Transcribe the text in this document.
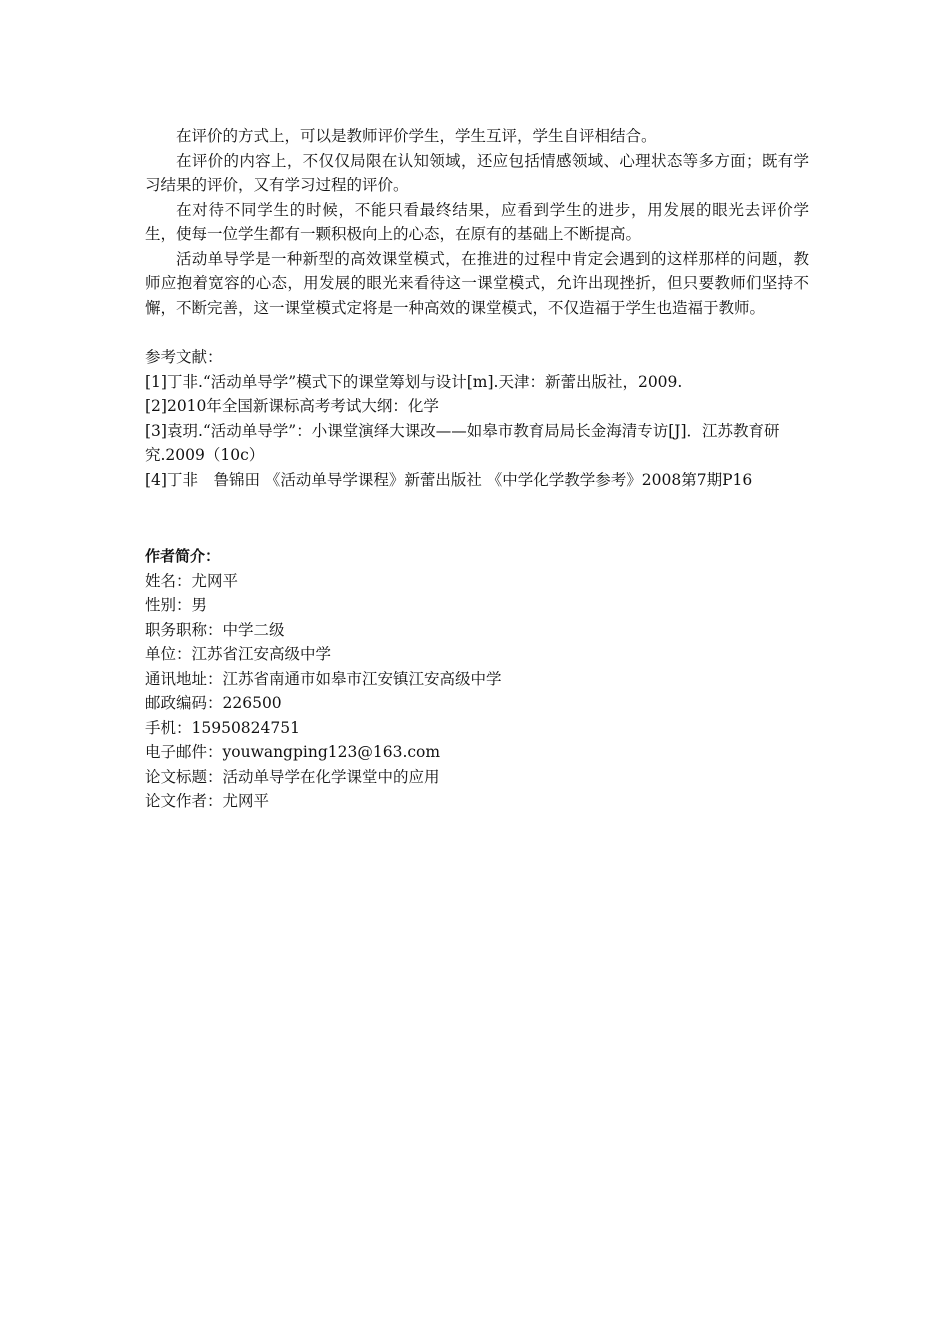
在评价的方式上，可以是教师评价学生，学生互评，学生自评相结合。

在评价的内容上，不仅仅局限在认知领域，还应包括情感领域、心理状态等多方面；既有学习结果的评价，又有学习过程的评价。

在对待不同学生的时候，不能只看最终结果，应看到学生的进步，用发展的眼光去评价学生，使每一位学生都有一颗积极向上的心态，在原有的基础上不断提高。

活动单导学是一种新型的高效课堂模式，在推进的过程中肯定会遇到的这样那样的问题，教师应抱着宽容的心态，用发展的眼光来看待这一课堂模式，允许出现挫折，但只要教师们坚持不懈，不断完善，这一课堂模式定将是一种高效的课堂模式，不仅造福于学生也造福于教师。

参考文献：

[1]丁非.“活动单导学”模式下的课堂筹划与设计[m].天津：新蕾出版社，2009.

[2]2010年全国新课标高考考试大纲：化学

[3]袁玥.“活动单导学”：小课堂演绎大课改——如皋市教育局局长金海清专访[J]．江苏教育研究.2009（10c）

[4]丁非　鲁锦田 《活动单导学课程》新蕾出版社 《中学化学教学参考》2008第7期P16

作者简介：

姓名：尤网平

性别：男

职务职称：中学二级

单位：江苏省江安高级中学

通讯地址：江苏省南通市如皋市江安镇江安高级中学

邮政编码：226500

手机：15950824751

电子邮件：youwangping123@163.com

论文标题：活动单导学在化学课堂中的应用

论文作者：尤网平
